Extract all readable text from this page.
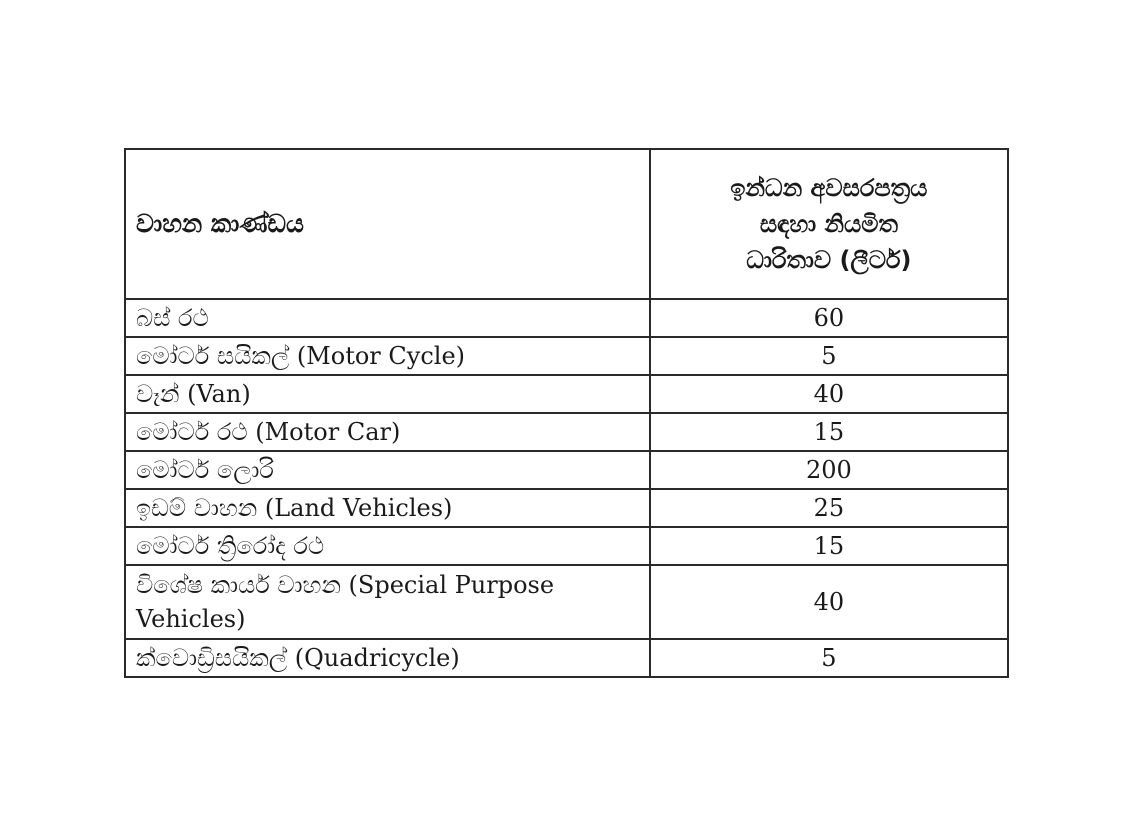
වාහන කාණ්ඩය	ඉන්ධන අවසරපත්‍රය
සඳහා නියමිත
ධාරිතාව (ලීටර්)

බස් රථ	60
මෝටර් සයිකල් (Motor Cycle)	5
වෑන් (Van)	40
මෝටර් රථ (Motor Car)	15
මෝටර් ලොරි	200
ඉඩම් වාහන (Land Vehicles)	25
මෝටර් ත්‍රිරෝද රථ	15
විශේෂ කාර්ය වාහන (Special Purpose Vehicles)	40
ක්වොඩ්‍රිසයිකල් (Quadricycle)	5
